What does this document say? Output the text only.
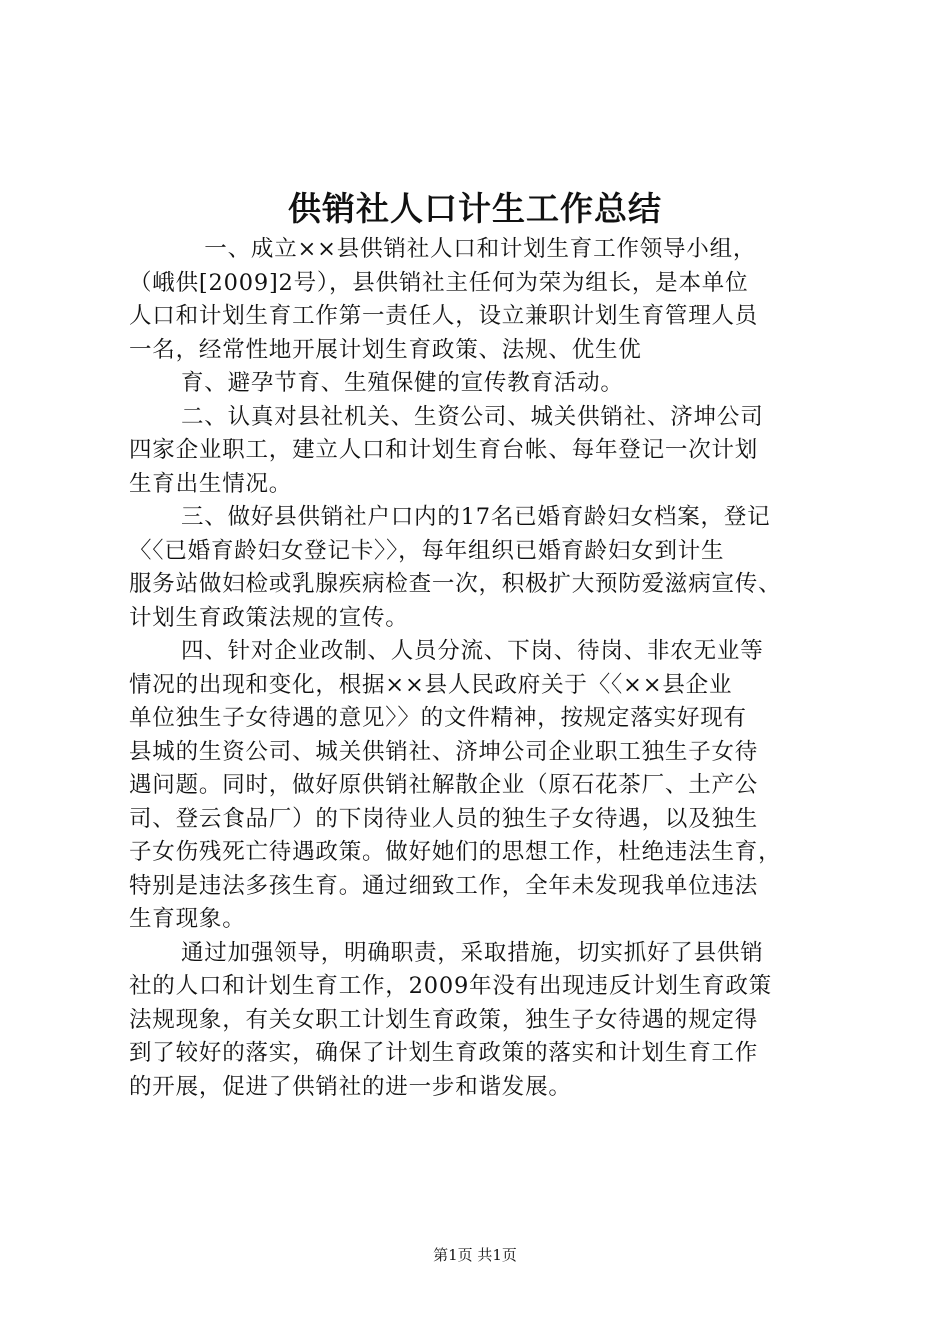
供销社人口计生工作总结
　一、成立××县供销社人口和计划生育工作领导小组，
（峨供[2009]2号），县供销社主任何为荣为组长，是本单位
人口和计划生育工作第一责任人，设立兼职计划生育管理人员
一名，经常性地开展计划生育政策、法规、优生优
育、避孕节育、生殖保健的宣传教育活动。
二、认真对县社机关、生资公司、城关供销社、济坤公司
四家企业职工，建立人口和计划生育台帐、每年登记一次计划
生育出生情况。
三、做好县供销社户口内的17名已婚育龄妇女档案，登记
〈〈已婚育龄妇女登记卡〉〉，每年组织已婚育龄妇女到计生
服务站做妇检或乳腺疾病检查一次，积极扩大预防爱滋病宣传、
计划生育政策法规的宣传。
四、针对企业改制、人员分流、下岗、待岗、非农无业等
情况的出现和变化，根据××县人民政府关于〈〈××县企业
单位独生子女待遇的意见〉〉的文件精神，按规定落实好现有
县城的生资公司、城关供销社、济坤公司企业职工独生子女待
遇问题。同时，做好原供销社解散企业（原石花茶厂、土产公
司、登云食品厂）的下岗待业人员的独生子女待遇，以及独生
子女伤残死亡待遇政策。做好她们的思想工作，杜绝违法生育，
特别是违法多孩生育。通过细致工作，全年未发现我单位违法
生育现象。
通过加强领导，明确职责，采取措施，切实抓好了县供销
社的人口和计划生育工作，2009年没有出现违反计划生育政策
法规现象，有关女职工计划生育政策，独生子女待遇的规定得
到了较好的落实，确保了计划生育政策的落实和计划生育工作
的开展，促进了供销社的进一步和谐发展。
第1页 共1页
